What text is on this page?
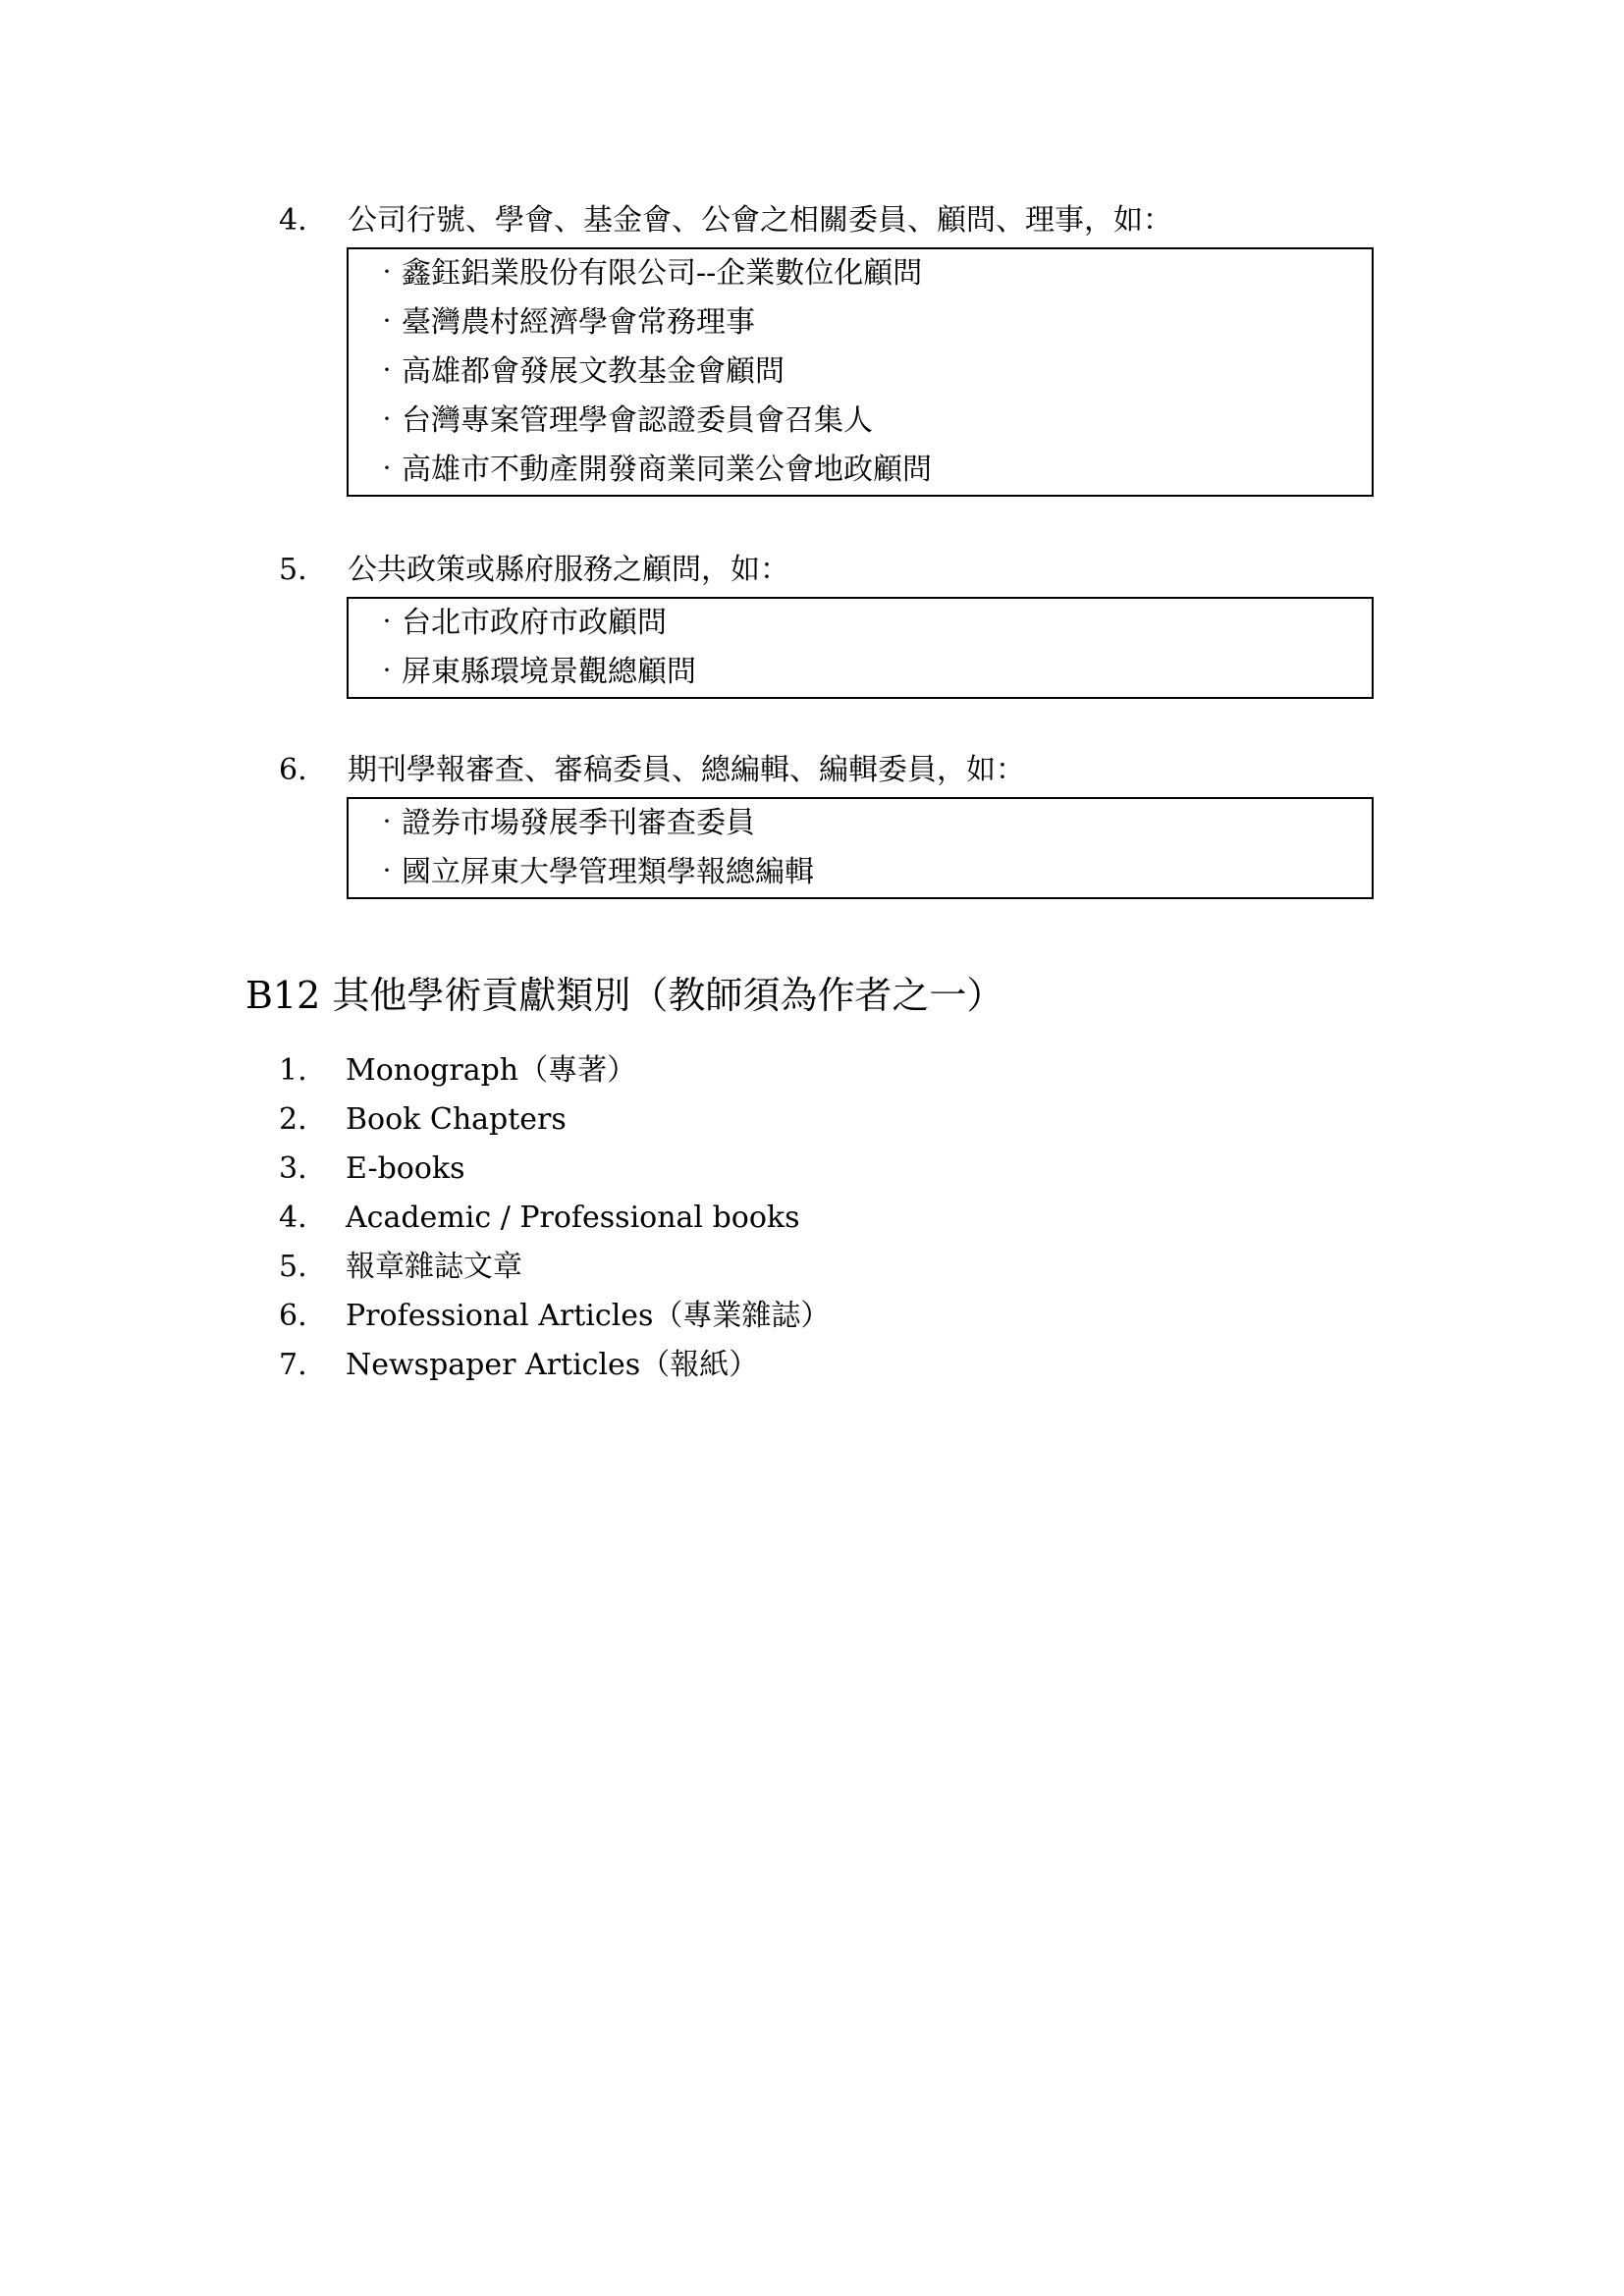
4. 公司行號、學會、基金會、公會之相關委員、顧問、理事，如：
‧鑫鈺鋁業股份有限公司--企業數位化顧問
‧臺灣農村經濟學會常務理事
‧高雄都會發展文教基金會顧問
‧台灣專案管理學會認證委員會召集人
‧高雄市不動產開發商業同業公會地政顧問
5. 公共政策或縣府服務之顧問，如：
‧台北市政府市政顧問
‧屏東縣環境景觀總顧問
6. 期刊學報審查、審稿委員、總編輯、編輯委員，如：
‧證券市場發展季刊審查委員
‧國立屏東大學管理類學報總編輯
B12 其他學術貢獻類別（教師須為作者之一）
1. Monograph（專著）
2. Book Chapters
3. E-books
4. Academic / Professional books
5. 報章雜誌文章
6. Professional Articles（專業雜誌）
7. Newspaper Articles（報紙）
